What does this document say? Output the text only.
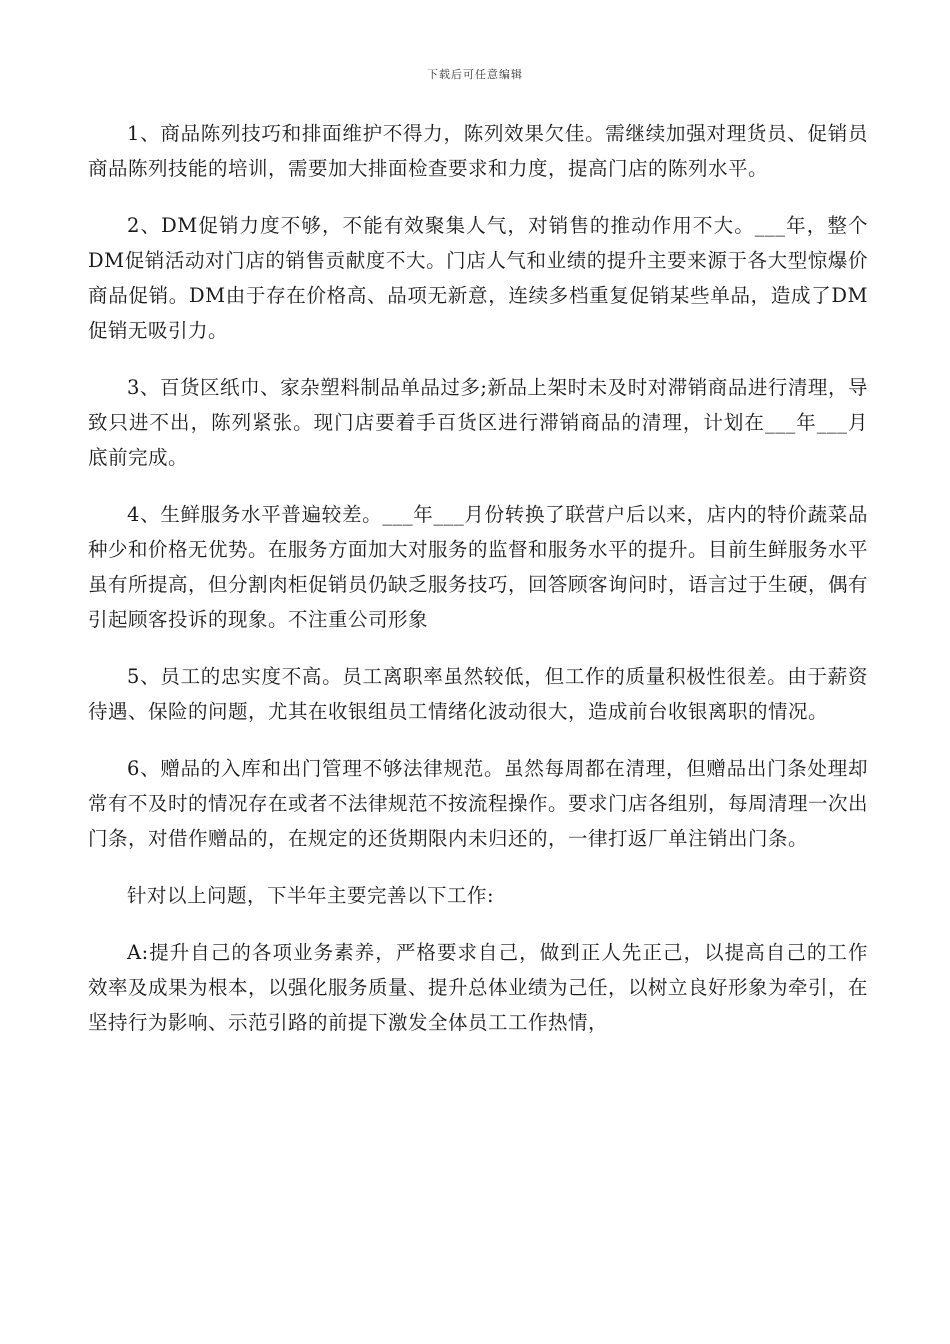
下载后可任意编辑

1、商品陈列技巧和排面维护不得力，陈列效果欠佳。需继续加强对理货员、促销员商品陈列技能的培训，需要加大排面检查要求和力度，提高门店的陈列水平。

2、DM促销力度不够，不能有效聚集人气，对销售的推动作用不大。___年，整个DM促销活动对门店的销售贡献度不大。门店人气和业绩的提升主要来源于各大型惊爆价商品促销。DM由于存在价格高、品项无新意，连续多档重复促销某些单品，造成了DM促销无吸引力。

3、百货区纸巾、家杂塑料制品单品过多;新品上架时未及时对滞销商品进行清理，导致只进不出，陈列紧张。现门店要着手百货区进行滞销商品的清理，计划在___年___月底前完成。

4、生鲜服务水平普遍较差。___年___月份转换了联营户后以来，店内的特价蔬菜品种少和价格无优势。在服务方面加大对服务的监督和服务水平的提升。目前生鲜服务水平虽有所提高，但分割肉柜促销员仍缺乏服务技巧，回答顾客询问时，语言过于生硬，偶有引起顾客投诉的现象。不注重公司形象

5、员工的忠实度不高。员工离职率虽然较低，但工作的质量积极性很差。由于薪资待遇、保险的问题，尤其在收银组员工情绪化波动很大，造成前台收银离职的情况。

6、赠品的入库和出门管理不够法律规范。虽然每周都在清理，但赠品出门条处理却常有不及时的情况存在或者不法律规范不按流程操作。要求门店各组别，每周清理一次出门条，对借作赠品的，在规定的还货期限内未归还的，一律打返厂单注销出门条。

针对以上问题，下半年主要完善以下工作:

A:提升自己的各项业务素养，严格要求自己，做到正人先正己，以提高自己的工作效率及成果为根本，以强化服务质量、提升总体业绩为己任，以树立良好形象为牵引，在坚持行为影响、示范引路的前提下激发全体员工工作热情，
